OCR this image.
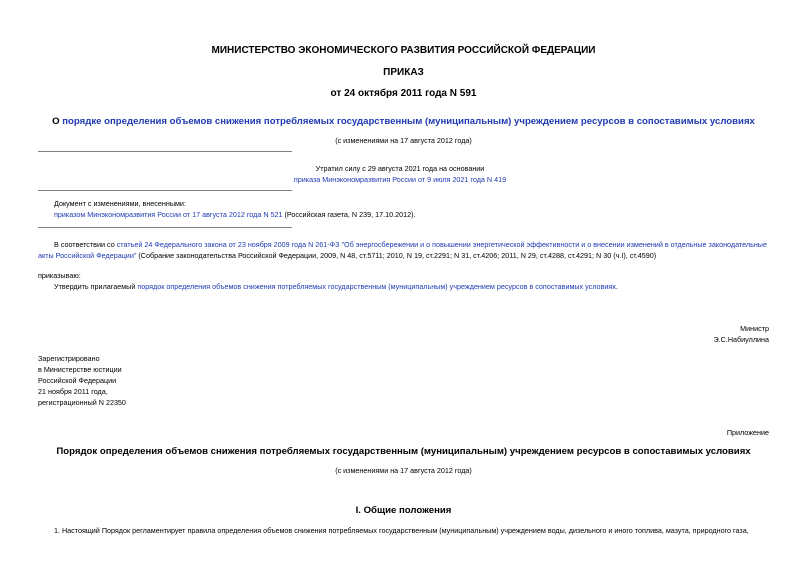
МИНИСТЕРСТВО ЭКОНОМИЧЕСКОГО РАЗВИТИЯ РОССИЙСКОЙ ФЕДЕРАЦИИ
ПРИКАЗ
от 24 октября 2011 года N 591
О порядке определения объемов снижения потребляемых государственным (муниципальным) учреждением ресурсов в сопоставимых условиях
(с изменениями на 17 августа 2012 года)

Утратил силу с 29 августа 2021 года на основании

приказа Минэкономразвития России от 9 июля 2021 года N 419

Документ с изменениями, внесенными:
приказом Минэкономразвития России от 17 августа 2012 года N 521 (Российская газета, N 239, 17.10.2012).
В соответствии со статьей 24 Федерального закона от 23 ноября 2009 года N 261-ФЗ "Об энергосбережении и о повышении энергетической эффективности и о внесении изменений в отдельные законодательные акты Российской Федерации" (Собрание законодательства Российской Федерации, 2009, N 48, ст.5711; 2010, N 19, ст.2291; N 31, ст.4206; 2011, N 29, ст.4288, ст.4291; N 30 (ч.I), ст.4590)
приказываю:
Утвердить прилагаемый порядок определения объемов снижения потребляемых государственным (муниципальным) учреждением ресурсов в сопоставимых условиях.

Министр

Э.С.Набиуллина

Зарегистрировано

в Министерстве юстиции

Российской Федерации

21 ноября 2011 года,

регистрационный N 22350

Приложение
Порядок определения объемов снижения потребляемых государственным (муниципальным) учреждением ресурсов в сопоставимых условиях
(с изменениями на 17 августа 2012 года)
I. Общие положения
1. Настоящий Порядок регламентирует правила определения объемов снижения потребляемых государственным (муниципальным) учреждением воды, дизельного и иного топлива, мазута, природного газа,
